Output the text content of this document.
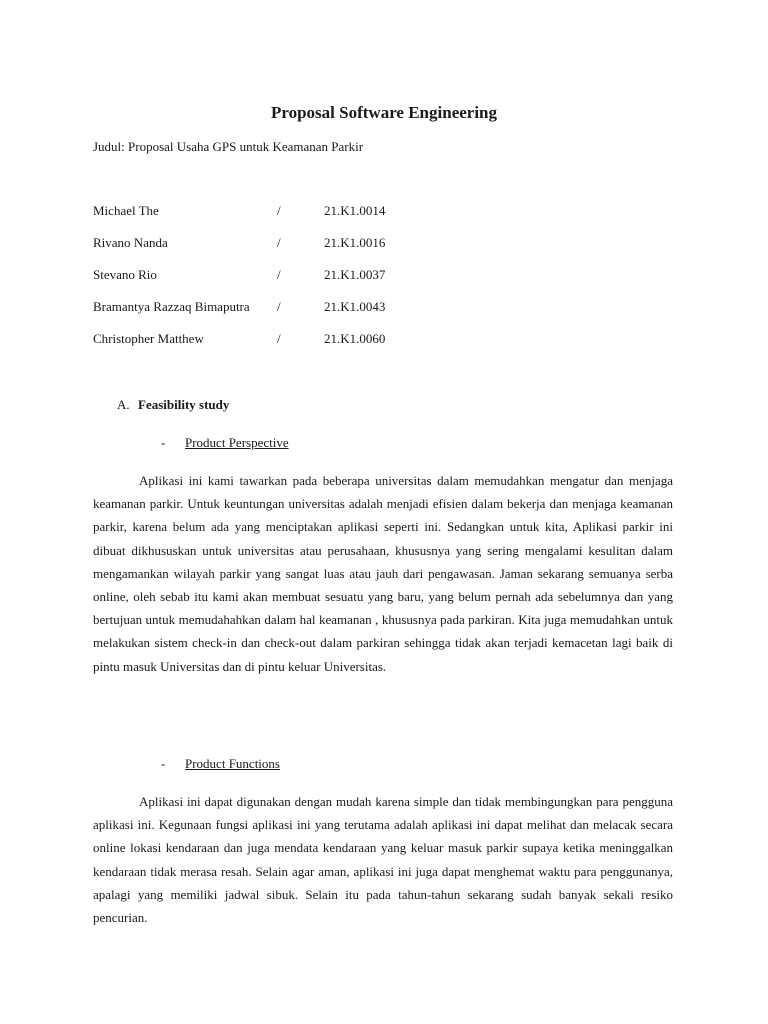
Proposal Software Engineering
Judul: Proposal Usaha GPS untuk Keamanan Parkir
Michael The	/	21.K1.0014
Rivano Nanda	/	21.K1.0016
Stevano Rio	/	21.K1.0037
Bramantya Razzaq Bimaputra /	21.K1.0043
Christopher Matthew	/	21.K1.0060
A. Feasibility study
- Product Perspective

Aplikasi ini kami tawarkan pada beberapa universitas dalam memudahkan mengatur dan menjaga keamanan parkir. Untuk keuntungan universitas adalah menjadi efisien dalam bekerja dan menjaga keamanan parkir, karena belum ada yang menciptakan aplikasi seperti ini. Sedangkan untuk kita, Aplikasi parkir ini dibuat dikhususkan untuk universitas atau perusahaan, khususnya yang sering mengalami kesulitan dalam mengamankan wilayah parkir yang sangat luas atau jauh dari pengawasan. Jaman sekarang semuanya serba online, oleh sebab itu kami akan membuat sesuatu yang baru, yang belum pernah ada sebelumnya dan yang bertujuan untuk memudahahkan dalam hal keamanan , khususnya pada parkiran. Kita juga memudahkan untuk melakukan sistem check-in dan check-out dalam parkiran sehingga tidak akan terjadi kemacetan lagi baik di pintu masuk Universitas dan di pintu keluar Universitas.

- Product Functions

Aplikasi ini dapat digunakan dengan mudah karena simple dan tidak membingungkan para pengguna aplikasi ini. Kegunaan fungsi aplikasi ini yang terutama adalah aplikasi ini dapat melihat dan melacak secara online lokasi kendaraan dan juga mendata kendaraan yang keluar masuk parkir supaya ketika meninggalkan kendaraan tidak merasa resah. Selain agar aman, aplikasi ini juga dapat menghemat waktu para penggunanya, apalagi yang memiliki jadwal sibuk. Selain itu pada tahun-tahun sekarang sudah banyak sekali resiko pencurian.
